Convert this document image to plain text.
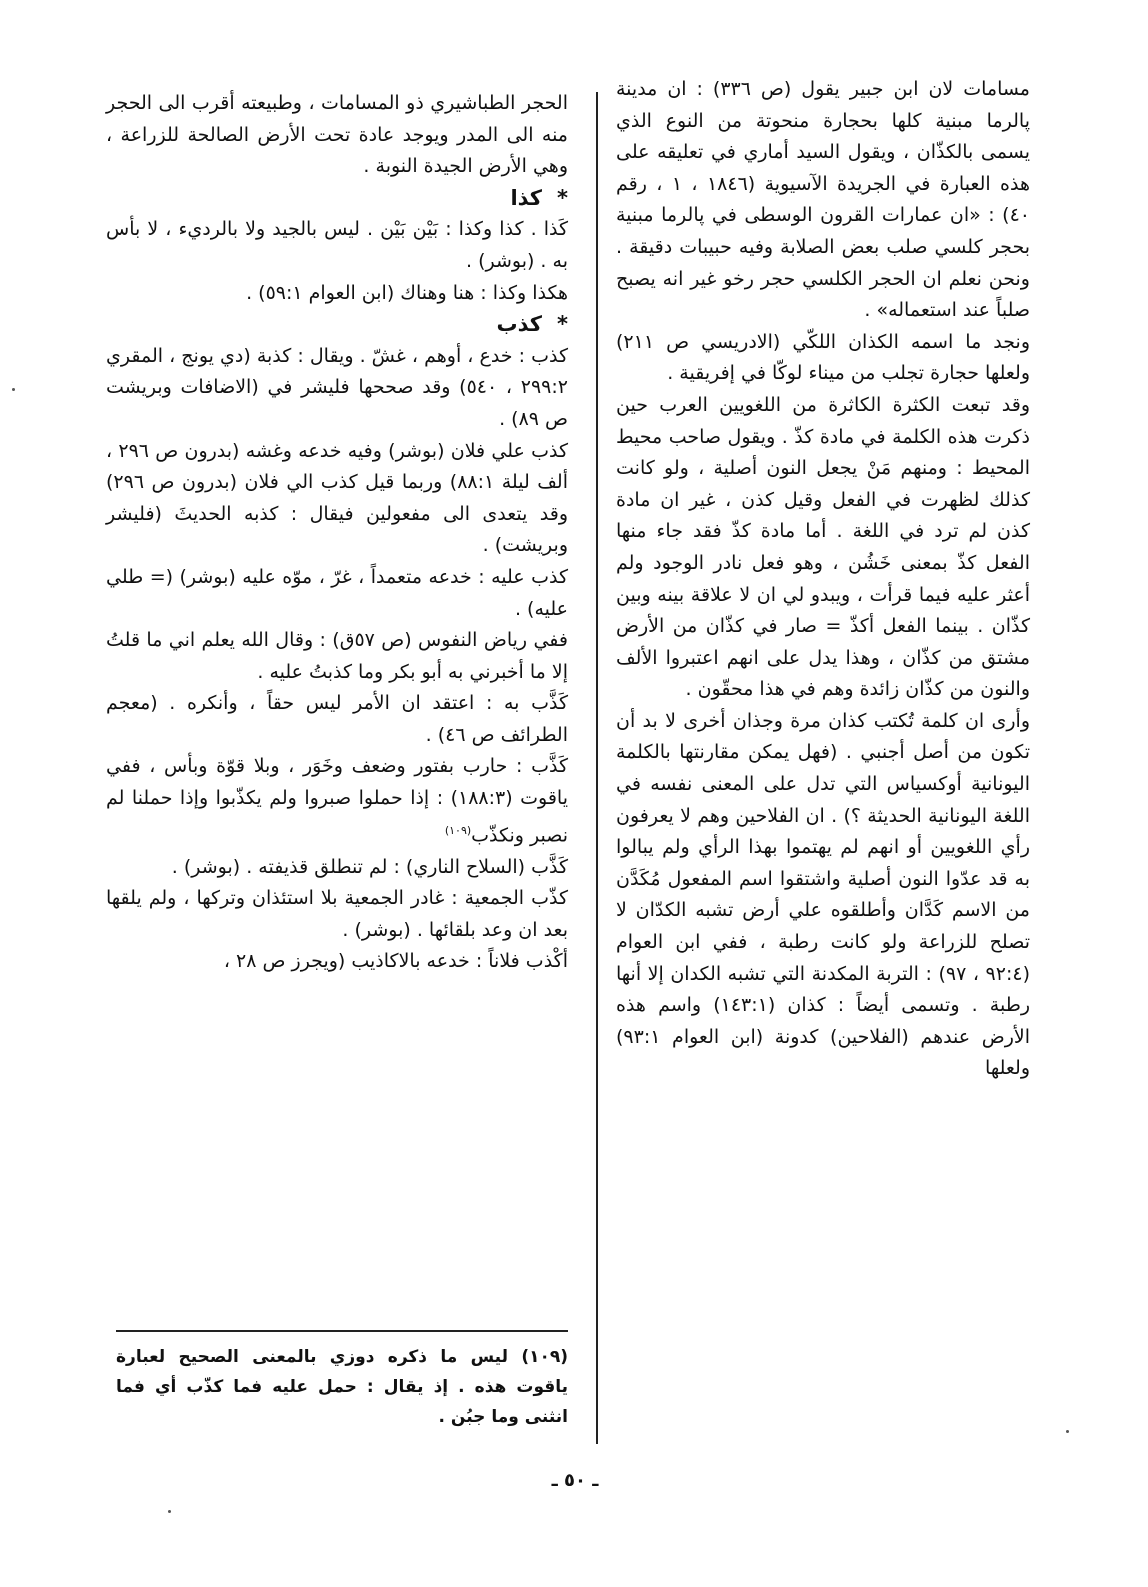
مسامات لان ابن جبير يقول (ص ٣٣٦) : ان مدينة پالرما مبنية كلها بحجارة منحوتة من النوع الذي يسمى بالكذّان ، ويقول السيد أماري في تعليقه على هذه العبارة في الجريدة الآسيوية (١٨٤٦ ، ١ ، رقم ٤٠) : «ان عمارات القرون الوسطى في پالرما مبنية بحجر كلسي صلب بعض الصلابة وفيه حبيبات دقيقة . ونحن نعلم ان الحجر الكلسي حجر رخو غير انه يصبح صلباً عند استعماله» .

ونجد ما اسمه الكذان اللكّي (الادريسي ص ٢١١) ولعلها حجارة تجلب من ميناء لوكّا في إفريقية .

وقد تبعت الكثرة الكاثرة من اللغويين العرب حين ذكرت هذه الكلمة في مادة كذّ . ويقول صاحب محيط المحيط : ومنهم مَنْ يجعل النون أصلية ، ولو كانت كذلك لظهرت في الفعل وقيل كذن ، غير ان مادة كذن لم ترد في اللغة . أما مادة كذّ فقد جاء منها الفعل كذّ بمعنى خَشُن ، وهو فعل نادر الوجود ولم أعثر عليه فيما قرأت ، ويبدو لي ان لا علاقة بينه وبين كذّان . بينما الفعل أكذّ = صار في كذّان من الأرض مشتق من كذّان ، وهذا يدل على انهم اعتبروا الألف والنون من كذّان زائدة وهم في هذا محقّون .

وأرى ان كلمة تُكتب كذان مرة وجذان أخرى لا بد أن تكون من أصل أجنبي . (فهل يمكن مقارنتها بالكلمة اليونانية أوكسياس التي تدل على المعنى نفسه في اللغة اليونانية الحديثة ؟) . ان الفلاحين وهم لا يعرفون رأي اللغويين أو انهم لم يهتموا بهذا الرأي ولم يبالوا به قد عدّوا النون أصلية واشتقوا اسم المفعول مُكَدَّن من الاسم كَدَّان وأطلقوه علي أرض تشبه الكدّان لا تصلح للزراعة ولو كانت رطبة ، ففي ابن العوام (٩٢:٤ ، ٩٧) : التربة المكدنة التي تشبه الكدان إلا أنها رطبة . وتسمى أيضاً : كذان (١٤٣:١) واسم هذه الأرض عندهم (الفلاحين) كدونة (ابن العوام ٩٣:١) ولعلها

الحجر الطباشيري ذو المسامات ، وطبيعته أقرب الى الحجر منه الى المدر ويوجد عادة تحت الأرض الصالحة للزراعة ، وهي الأرض الجيدة النوبة .

*كذا

كَذا . كذا وكذا : بَيْن بَيْن . ليس بالجيد ولا بالرديء ، لا بأس به . (بوشر) .

هكذا وكذا : هنا وهناك (ابن العوام ٥٩:١) .

*كذب

كذب : خدع ، أوهم ، غشّ . ويقال : كذبة (دي يونج ، المقري ٢٩٩:٢ ، ٥٤٠) وقد صححها فليشر في (الاضافات وبريشت ص ٨٩) .

كذب علي فلان (بوشر) وفيه خدعه وغشه (بدرون ص ٢٩٦ ، ألف ليلة ٨٨:١) وربما قيل كذب الي فلان (بدرون ص ٢٩٦) وقد يتعدى الى مفعولين فيقال : كذبه الحديثَ (فليشر وبريشت) .

كذب عليه : خدعه متعمداً ، غرّ ، موّه عليه (بوشر) (= طلي عليه) .

ففي رياض النفوس (ص ٥٧ق) : وقال الله يعلم اني ما قلتُ إلا ما أخبرني به أبو بكر وما كذبتُ عليه .

كَذَّب به : اعتقد ان الأمر ليس حقاً ، وأنكره . (معجم الطرائف ص ٤٦) .

كَذَّب : حارب بفتور وضعف وخَوَر ، وبلا قوّة وبأس ، ففي ياقوت (١٨٨:٣) : إذا حملوا صبروا ولم يكذّبوا وإذا حملنا لم نصبر ونكذّب$^{(١٠٩)}$

كَذَّب (السلاح الناري) : لم تنطلق قذيفته . (بوشر) .

كذّب الجمعية : غادر الجمعية بلا استئذان وتركها ، ولم يلقها بعد ان وعد بلقائها . (بوشر) .

أكْذب فلاناً : خدعه بالاكاذيب (ويجرز ص ٢٨ ،

(١٠٩) ليس ما ذكره دوزي بالمعنى الصحيح لعبارة ياقوت هذه . إذ يقال : حمل عليه فما كذّب أي فما انثنى وما جبُن .

ـ ٥٠ ـ
